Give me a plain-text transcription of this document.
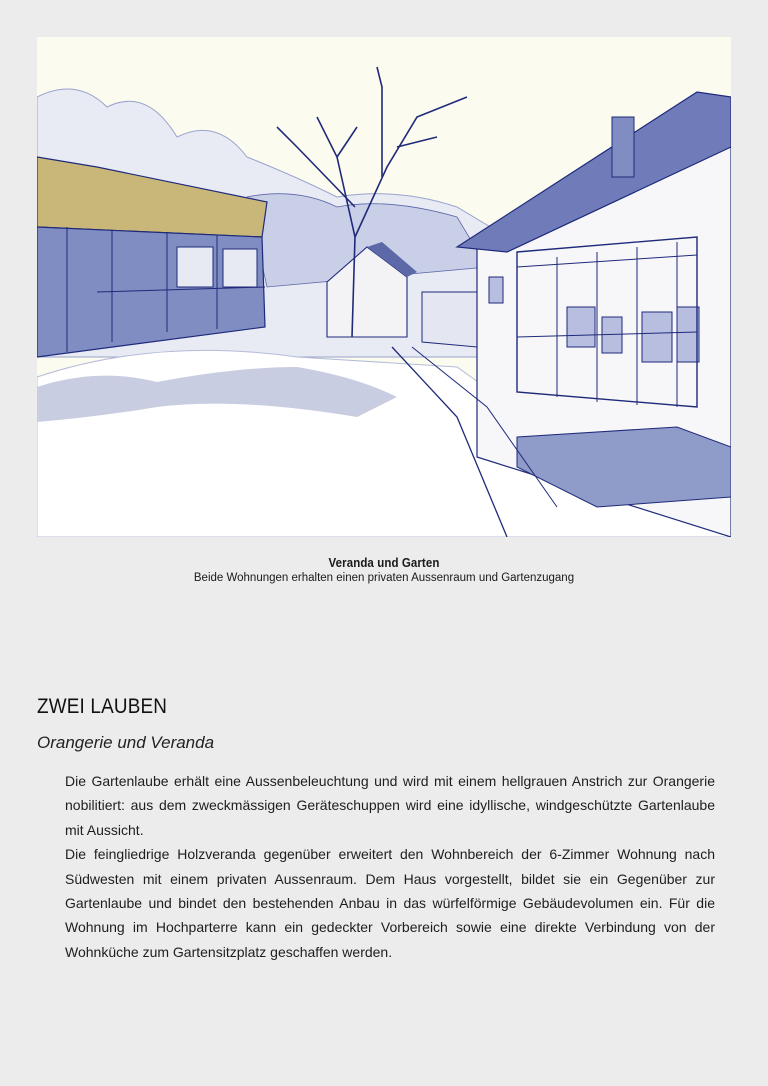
Veranda und Garten
Beide Wohnungen erhalten einen privaten Aussenraum und Gartenzugang
ZWEI LAUBEN
Orangerie und Veranda

Die Gartenlaube erhält eine Aussenbeleuchtung und wird mit einem hellgrauen Anstrich zur Orangerie nobilitiert: aus dem zweckmässigen Geräteschuppen wird eine idyllische, windgeschützte Gartenlaube mit Aussicht.

Die feingliedrige Holzveranda gegenüber erweitert den Wohnbereich der 6-Zimmer Wohnung nach Südwesten mit einem privaten Aussenraum. Dem Haus vorgestellt, bildet sie ein Gegenüber zur Gartenlaube und bindet den bestehenden Anbau in das würfelförmige Gebäudevolumen ein. Für die Wohnung im Hochparterre kann ein gedeckter Vorbereich sowie eine direkte Verbindung von der Wohnküche zum Gartensitzplatz geschaffen werden.
